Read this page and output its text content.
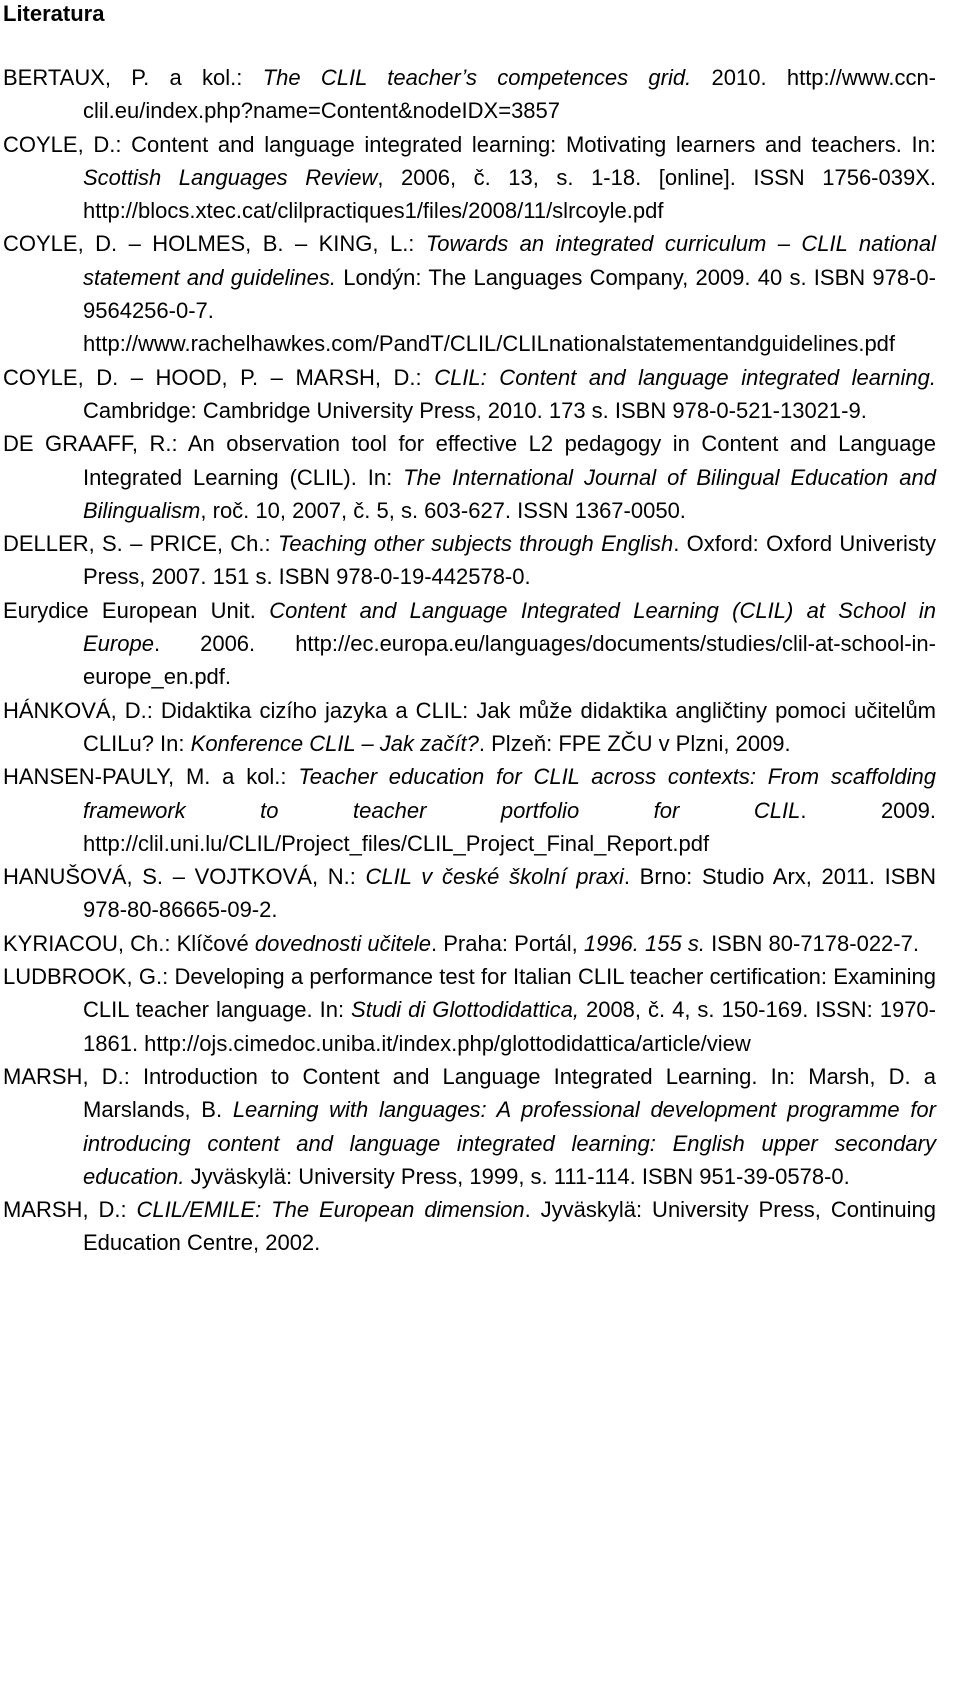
Literatura

BERTAUX, P. a kol.: The CLIL teacher’s competences grid. 2010. http://www.ccn-clil.eu/index.php?name=Content&nodeIDX=3857

COYLE, D.: Content and language integrated learning: Motivating learners and teachers. In: Scottish Languages Review, 2006, č. 13, s. 1-18. [online]. ISSN 1756-039X. http://blocs.xtec.cat/clilpractiques1/files/2008/11/slrcoyle.pdf

COYLE, D. – HOLMES, B. – KING, L.: Towards an integrated curriculum – CLIL national statement and guidelines. Londýn: The Languages Company, 2009. 40 s. ISBN 978-0-9564256-0-7. http://www.rachelhawkes.com/PandT/CLIL/CLILnationalstatementandguidelines.pdf

COYLE, D. – HOOD, P. – MARSH, D.: CLIL: Content and language integrated learning. Cambridge: Cambridge University Press, 2010. 173 s. ISBN 978-0-521-13021-9.

DE GRAAFF, R.: An observation tool for effective L2 pedagogy in Content and Language Integrated Learning (CLIL). In: The International Journal of Bilingual Education and Bilingualism, roč. 10, 2007, č. 5, s. 603-627. ISSN 1367-0050.

DELLER, S. – PRICE, Ch.: Teaching other subjects through English. Oxford: Oxford Univeristy Press, 2007. 151 s. ISBN 978-0-19-442578-0.

Eurydice European Unit. Content and Language Integrated Learning (CLIL) at School in Europe. 2006. http://ec.europa.eu/languages/documents/studies/clil-at-school-in-europe_en.pdf.

HÁNKOVÁ, D.: Didaktika cizího jazyka a CLIL: Jak může didaktika angličtiny pomoci učitelům CLILu? In: Konference CLIL – Jak začít?. Plzeň: FPE ZČU v Plzni, 2009.

HANSEN-PAULY, M. a kol.: Teacher education for CLIL across contexts: From scaffolding framework to teacher portfolio for CLIL. 2009. http://clil.uni.lu/CLIL/Project_files/CLIL_Project_Final_Report.pdf

HANUŠOVÁ, S. – VOJTKOVÁ, N.: CLIL v české školní praxi. Brno: Studio Arx, 2011. ISBN 978-80-86665-09-2.

KYRIACOU, Ch.: Klíčové dovednosti učitele. Praha: Portál, 1996. 155 s. ISBN 80-7178-022-7.

LUDBROOK, G.: Developing a performance test for Italian CLIL teacher certification: Examining CLIL teacher language. In: Studi di Glottodidattica, 2008, č. 4, s. 150-169. ISSN: 1970-1861. http://ojs.cimedoc.uniba.it/index.php/glottodidattica/article/view

MARSH, D.: Introduction to Content and Language Integrated Learning. In: Marsh, D. a Marslands, B. Learning with languages: A professional development programme for introducing content and language integrated learning: English upper secondary education. Jyväskylä: University Press, 1999, s. 111-114. ISBN 951-39-0578-0.

MARSH, D.: CLIL/EMILE: The European dimension. Jyväskylä: University Press, Continuing Education Centre, 2002.
